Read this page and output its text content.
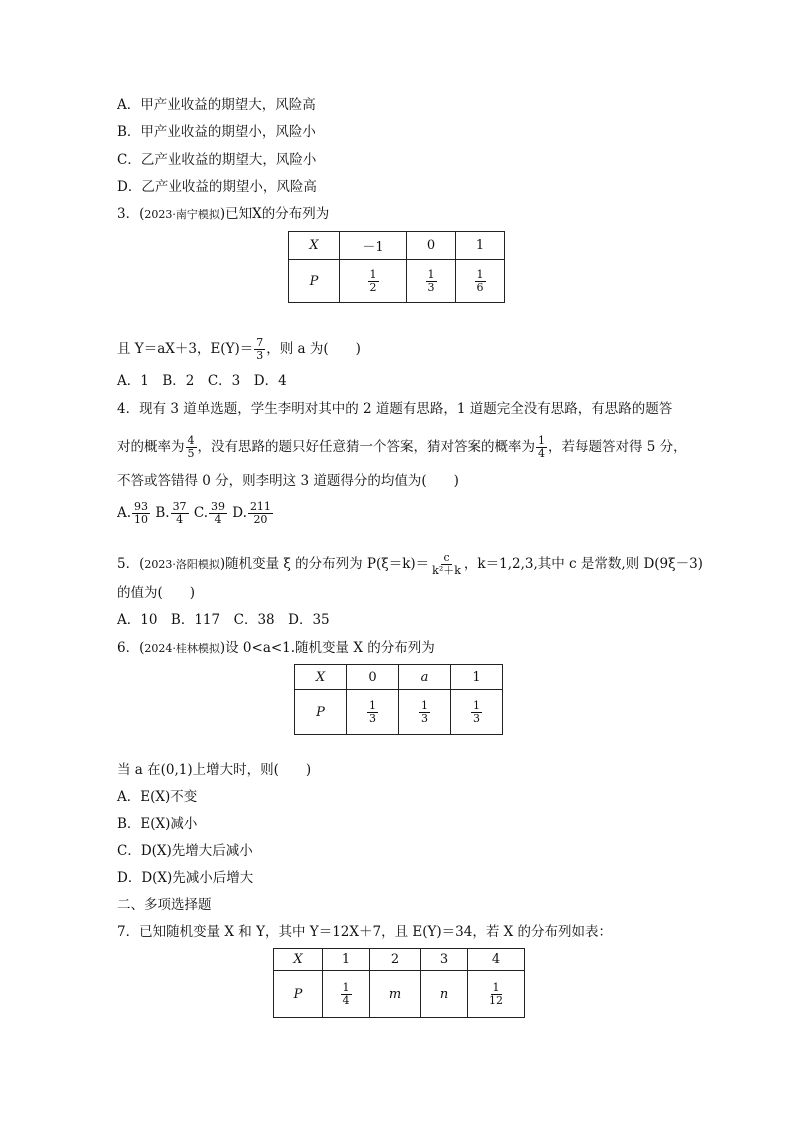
A．甲产业收益的期望大，风险高
B．甲产业收益的期望小，风险小
C．乙产业收益的期望大，风险小
D．乙产业收益的期望小，风险高
3．(2023·南宁模拟)已知X的分布列为
X	－1	0	1
P	$\frac{1}{2}$	$\frac{1}{3}$	$\frac{1}{6}$
且 Y＝aX＋3，$E(Y)= \frac{7}{3}$ ，则 a 为(　　)
A．1　B．2　C．3　D．4
4．现有 3 道单选题，学生李明对其中的 2 道题有思路，1 道题完全没有思路，有思路的题答
对的概率为 $\frac{4}{5}$ ，没有思路的题只好任意猜一个答案，猜对答案的概率为 $\frac{1}{4}$ ，若每题答对得 5 分，
不答或答错得 0 分，则李明这 3 道题得分的均值为(　　)
A. $\frac{93}{10} B$. $\frac{37}{4} C$. $\frac{39}{4} D$. $\frac{211}{20}$
5．(2023·洛阳模拟)随机变量 ξ 的分布列为 $P(\xi=k)= \frac{c}{\text{k²＋k}}$ ，k＝1,2,3,其中 c 是常数,则 D(9ξ－3)
的值为(　　)
A．10　B．117　C．38　D．35
6．(2024·桂林模拟)设 0<a<1.随机变量 X 的分布列为
X	0	a	1
P	$\frac{1}{3}$	$\frac{1}{3}$	$\frac{1}{3}$
当 a 在(0,1)上增大时，则(　　)
A．E(X)不变
B．E(X)减小
C．D(X)先增大后减小
D．D(X)先减小后增大
二、多项选择题
7．已知随机变量 X 和 Y，其中 Y＝12X＋7，且 E(Y)＝34，若 X 的分布列如表：
X	1	2	3	4
P	$\frac{1}{4}$	m	n	$\frac{1}{12}$
